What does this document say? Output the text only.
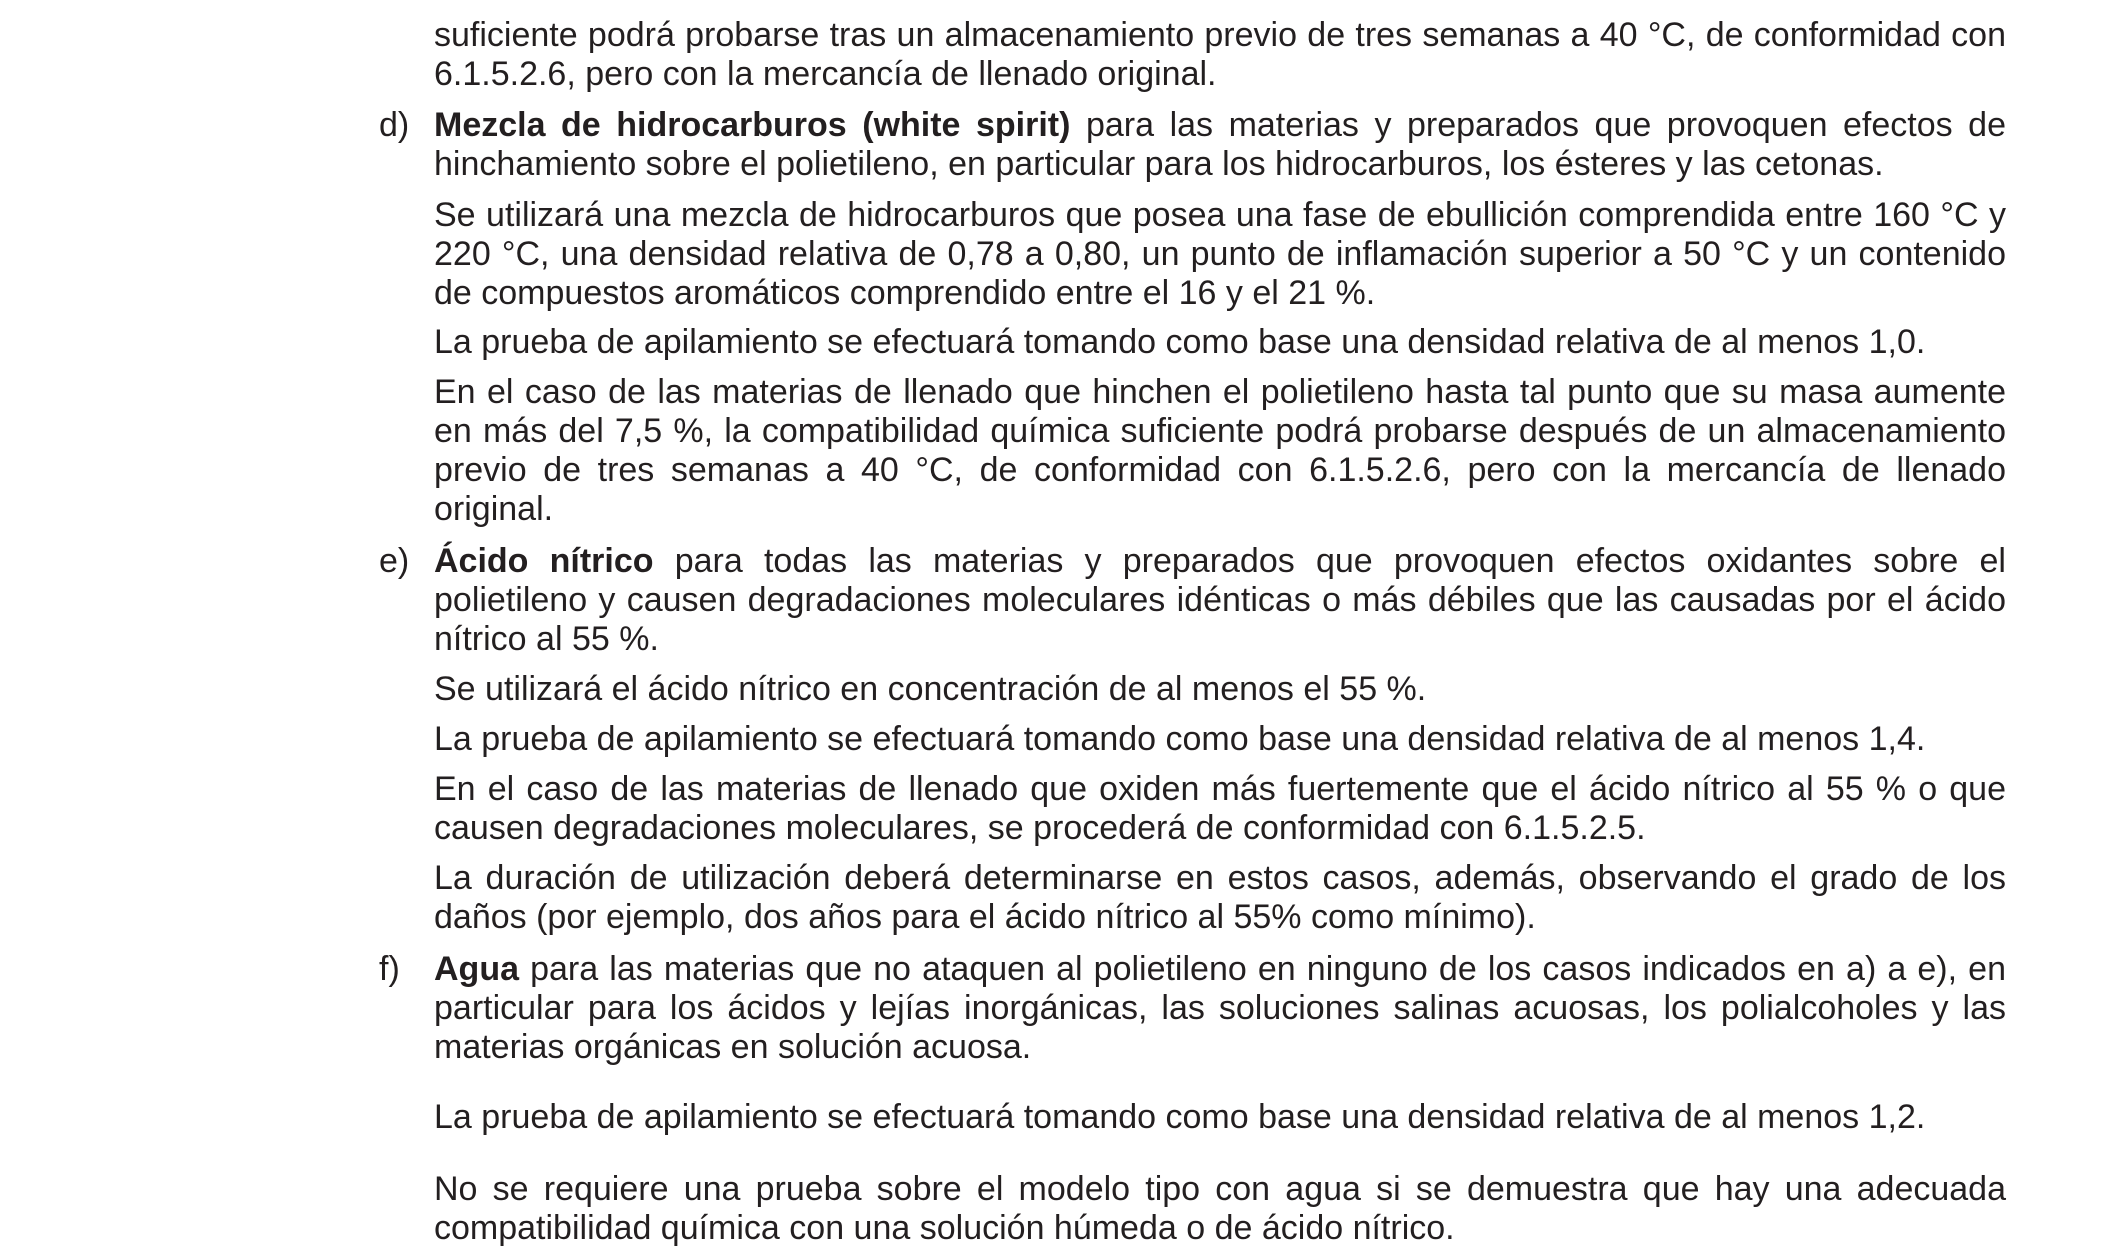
suficiente podrá probarse tras un almacenamiento previo de tres semanas a 40 °C, de conformidad con 6.1.5.2.6, pero con la mercancía de llenado original.

d) Mezcla de hidrocarburos (white spirit) para las materias y preparados que provoquen efectos de hinchamiento sobre el polietileno, en particular para los hidrocarburos, los ésteres y las cetonas.

Se utilizará una mezcla de hidrocarburos que posea una fase de ebullición comprendida entre 160 °C y 220 °C, una densidad relativa de 0,78 a 0,80, un punto de inflamación superior a 50 °C y un contenido de compuestos aromáticos comprendido entre el 16 y el 21 %.

La prueba de apilamiento se efectuará tomando como base una densidad relativa de al menos 1,0.

En el caso de las materias de llenado que hinchen el polietileno hasta tal punto que su masa aumente en más del 7,5 %, la compatibilidad química suficiente podrá probarse después de un almacenamiento previo de tres semanas a 40 °C, de conformidad con 6.1.5.2.6, pero con la mercancía de llenado original.

e) Ácido nítrico para todas las materias y preparados que provoquen efectos oxidantes sobre el polietileno y causen degradaciones moleculares idénticas o más débiles que las causadas por el ácido nítrico al 55 %.

Se utilizará el ácido nítrico en concentración de al menos el 55 %.

La prueba de apilamiento se efectuará tomando como base una densidad relativa de al menos 1,4.

En el caso de las materias de llenado que oxiden más fuertemente que el ácido nítrico al 55 % o que causen degradaciones moleculares, se procederá de conformidad con 6.1.5.2.5.

La duración de utilización deberá determinarse en estos casos, además, observando el grado de los daños (por ejemplo, dos años para el ácido nítrico al 55% como mínimo).

f) Agua para las materias que no ataquen al polietileno en ninguno de los casos indicados en a) a e), en particular para los ácidos y lejías inorgánicas, las soluciones salinas acuosas, los polialcoholes y las materias orgánicas en solución acuosa.

La prueba de apilamiento se efectuará tomando como base una densidad relativa de al menos 1,2.

No se requiere una prueba sobre el modelo tipo con agua si se demuestra que hay una adecuada compatibilidad química con una solución húmeda o de ácido nítrico.
